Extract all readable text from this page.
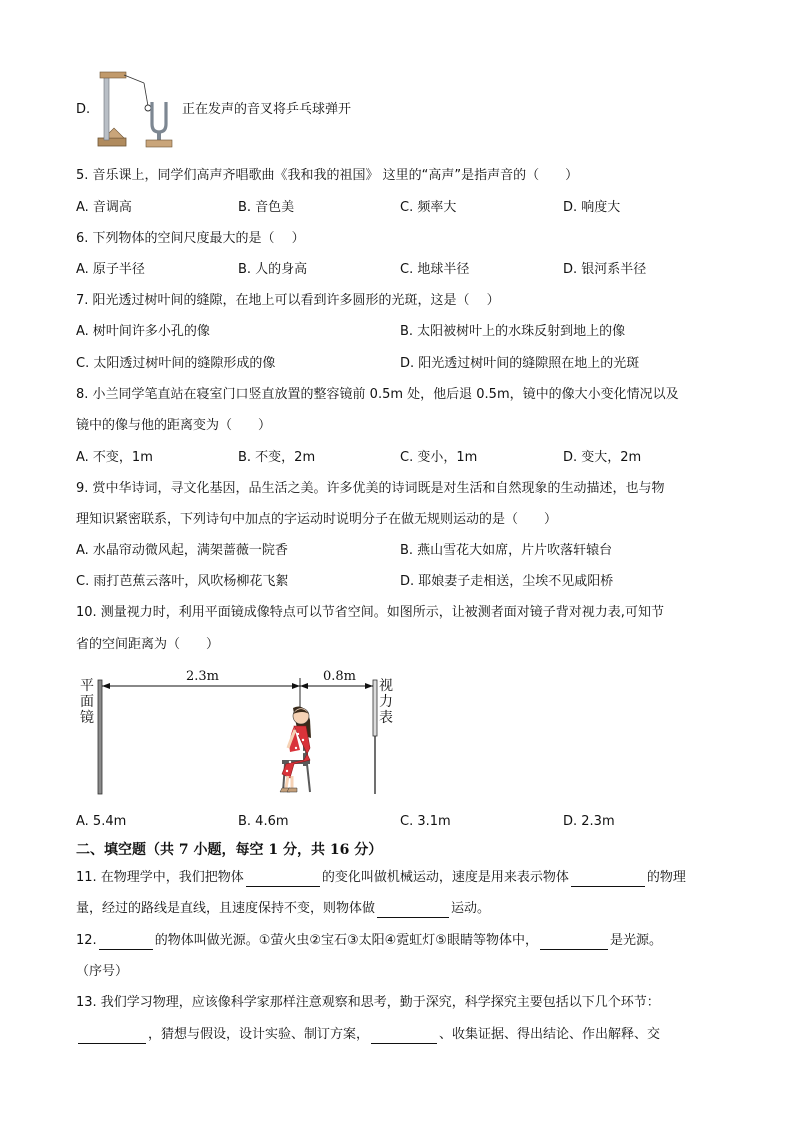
D.	正在发声的音叉将乒乓球弹开
5. 音乐课上，同学们高声齐唱歌曲《我和我的祖国》 这里的“高声”是指声音的（　　）
A. 音调高	B. 音色美	C. 频率大	D. 响度大
6. 下列物体的空间尺度最大的是（　 ）
A. 原子半径	B. 人的身高	C. 地球半径	D. 银河系半径
7. 阳光透过树叶间的缝隙，在地上可以看到许多圆形的光斑，这是（　 ）
A. 树叶间许多小孔的像	B. 太阳被树叶上的水珠反射到地上的像
C. 太阳透过树叶间的缝隙形成的像	D. 阳光透过树叶间的缝隙照在地上的光斑
8. 小兰同学笔直站在寝室门口竖直放置的整容镜前 0.5m 处，他后退 0.5m，镜中的像大小变化情况以及
镜中的像与他的距离变为（　　）
A. 不变，1m	B. 不变，2m	C. 变小，1m	D. 变大，2m
9. 赏中华诗词，寻文化基因，品生活之美。许多优美的诗词既是对生活和自然现象的生动描述，也与物
理知识紧密联系，下列诗句中加点的字运动时说明分子在做无规则运动的是（　　）
A. 水晶帘动微风起，满架蔷薇一院香	B. 燕山雪花大如席，片片吹落轩辕台
C. 雨打芭蕉云落叶，风吹杨柳花飞絮	D. 耶娘妻子走相送，尘埃不见咸阳桥
10. 测量视力时，利用平面镜成像特点可以节省空间。如图所示，让被测者面对镜子背对视力表,可知节
省的空间距离为（　　）
平面镜
视力表
2.3m	0.8m
A. 5.4m	B. 4.6m	C. 3.1m	D. 2.3m
二、填空题（共 7 小题，每空 1 分，共 16 分）
11. 在物理学中，我们把物体	的变化叫做机械运动，速度是用来表示物体	的物理
量，经过的路线是直线，且速度保持不变，则物体做	运动。
12.	的物体叫做光源。①萤火虫②宝石③太阳④霓虹灯⑤眼睛等物体中，	是光源。
（序号）
13. 我们学习物理，应该像科学家那样注意观察和思考，勤于深究，科学探究主要包括以下几个环节：
，猜想与假设，设计实验、制订方案，	、收集证据、得出结论、作出解释、交
